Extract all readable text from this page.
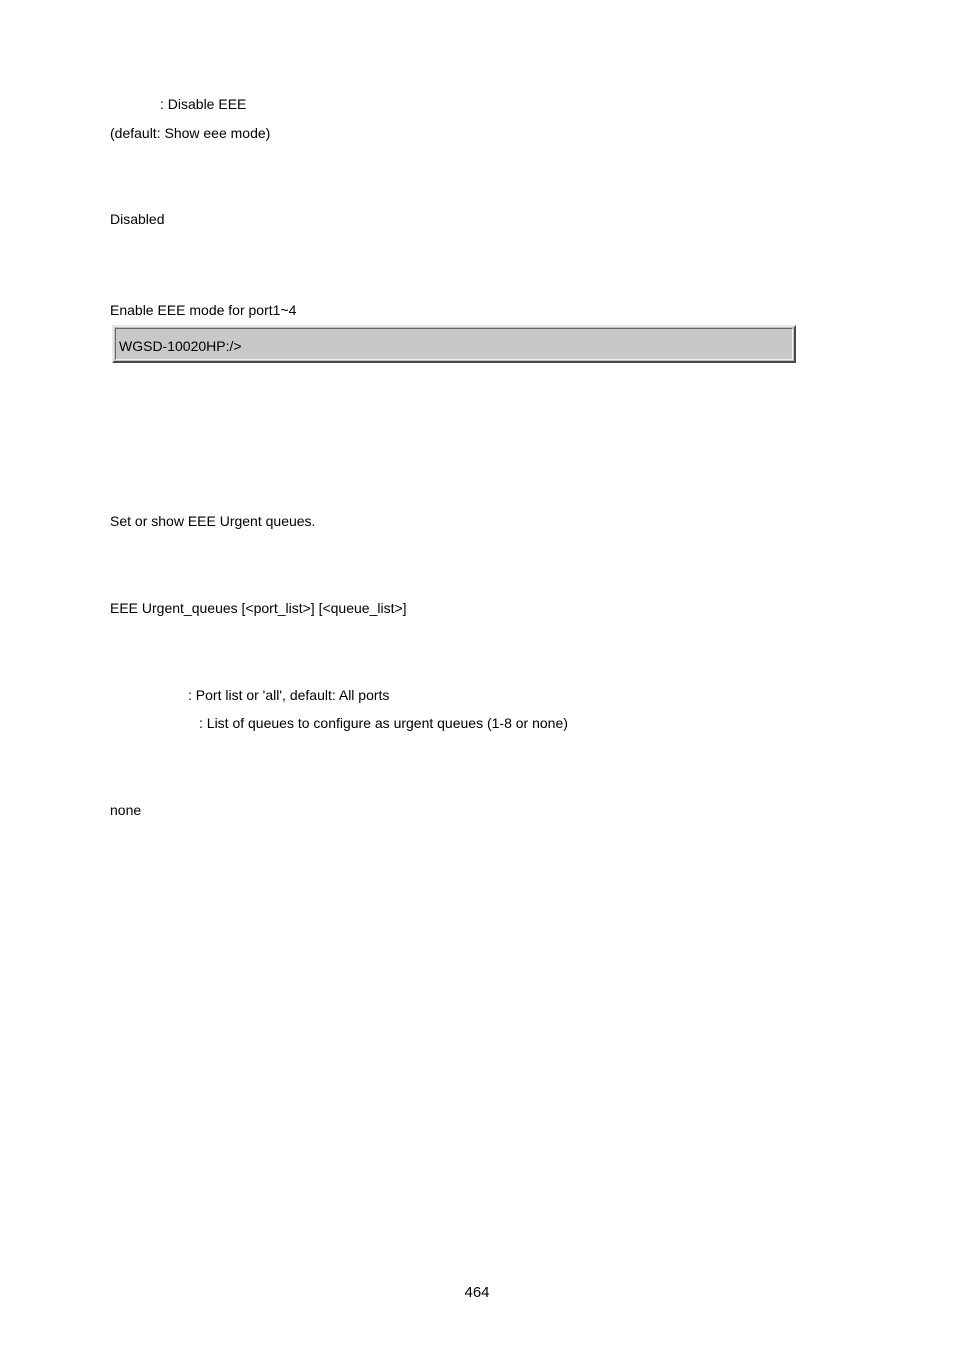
: Disable EEE
(default: Show eee mode)
Disabled
Enable EEE mode for port1~4
WGSD-10020HP:/>
Set or show EEE Urgent queues.
EEE Urgent_queues [<port_list>] [<queue_list>]
: Port list or 'all', default: All ports
: List of queues to configure as urgent queues (1-8 or none)
none
464
